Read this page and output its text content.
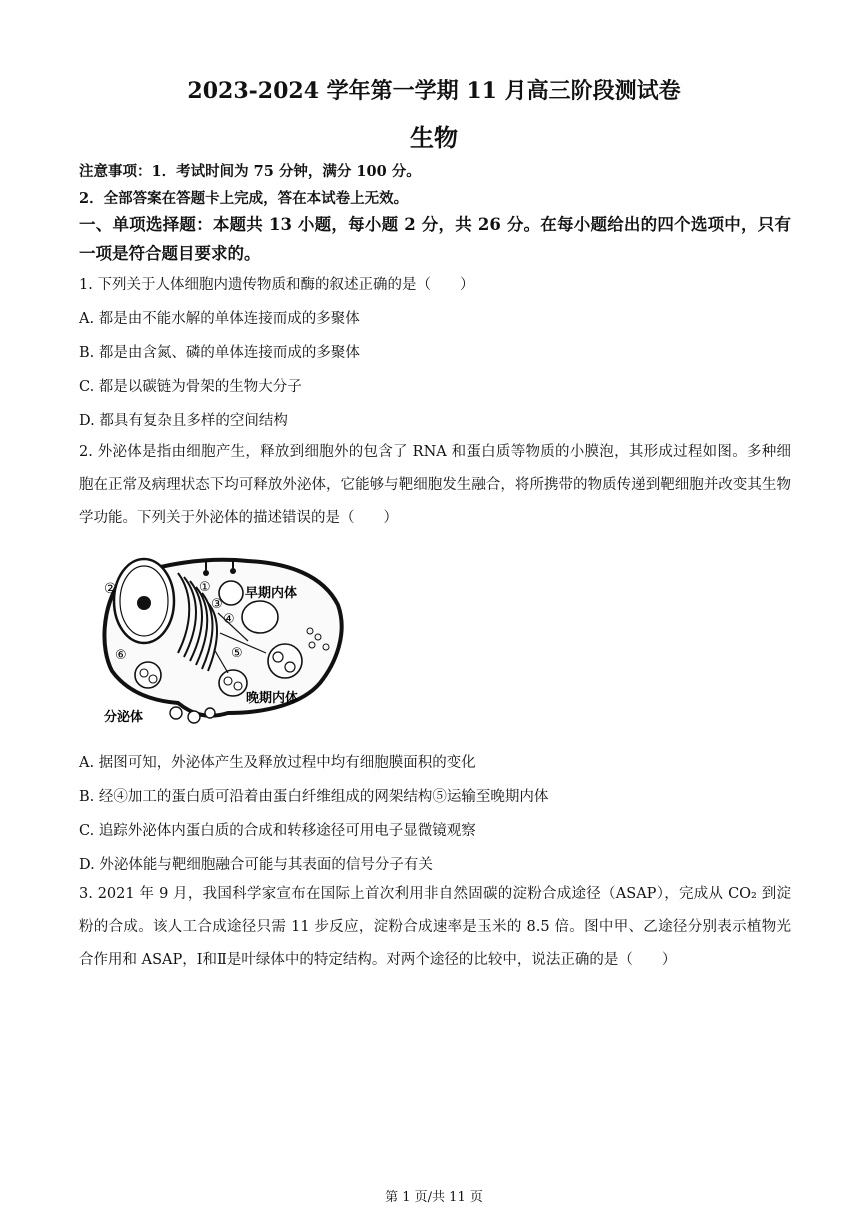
2023-2024 学年第一学期 11 月高三阶段测试卷
生物
注意事项：1．考试时间为 75 分钟，满分 100 分。
2．全部答案在答题卡上完成，答在本试卷上无效。
一、单项选择题：本题共 13 小题，每小题 2 分，共 26 分。在每小题给出的四个选项中，只有一项是符合题目要求的。
1. 下列关于人体细胞内遗传物质和酶的叙述正确的是（　　）
A. 都是由不能水解的单体连接而成的多聚体
B. 都是由含氮、磷的单体连接而成的多聚体
C. 都是以碳链为骨架的生物大分子
D. 都具有复杂且多样的空间结构
2. 外泌体是指由细胞产生，释放到细胞外的包含了 RNA 和蛋白质等物质的小膜泡，其形成过程如图。多种细胞在正常及病理状态下均可释放外泌体，它能够与靶细胞发生融合，将所携带的物质传递到靶细胞并改变其生物学功能。下列关于外泌体的描述错误的是（　　）
②	①
③
④
⑤
⑥
早期内体
晚期内体
分泌体
A. 据图可知，外泌体产生及释放过程中均有细胞膜面积的变化
B. 经④加工的蛋白质可沿着由蛋白纤维组成的网架结构⑤运输至晚期内体
C. 追踪外泌体内蛋白质的合成和转移途径可用电子显微镜观察
D. 外泌体能与靶细胞融合可能与其表面的信号分子有关
3. 2021 年 9 月，我国科学家宣布在国际上首次利用非自然固碳的淀粉合成途径（ASAP），完成从 CO₂ 到淀粉的合成。该人工合成途径只需 11 步反应，淀粉合成速率是玉米的 8.5 倍。图中甲、乙途径分别表示植物光合作用和 ASAP，Ⅰ和Ⅱ是叶绿体中的特定结构。对两个途径的比较中，说法正确的是（　　）
第 1 页/共 11 页
